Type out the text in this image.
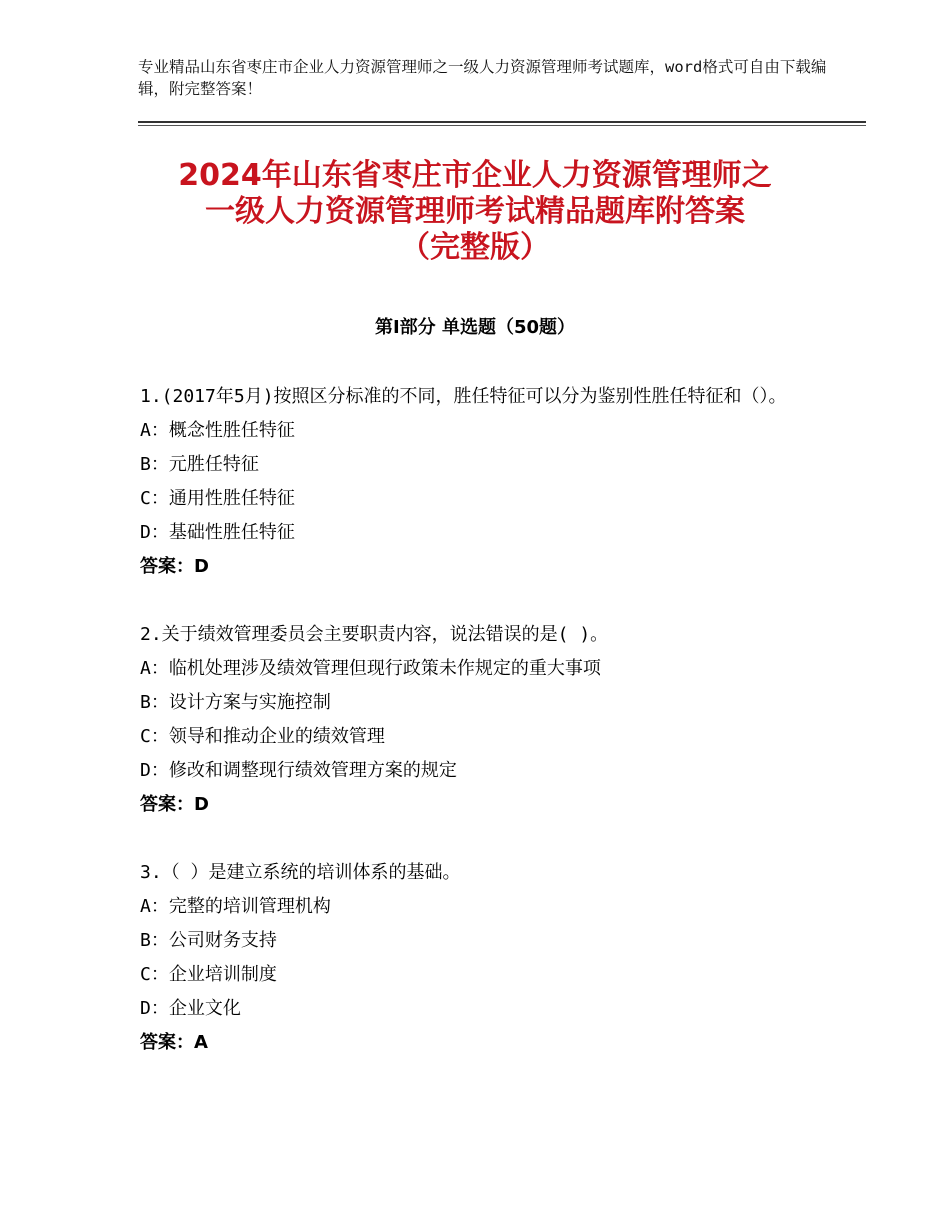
专业精品山东省枣庄市企业人力资源管理师之一级人力资源管理师考试题库，word格式可自由下载编辑，附完整答案！
2024年山东省枣庄市企业人力资源管理师之
一级人力资源管理师考试精品题库附答案
（完整版）
第Ⅰ部分 单选题（50题）
1.(2017年5月)按照区分标准的不同，胜任特征可以分为鉴别性胜任特征和（）。
A：概念性胜任特征
B：元胜任特征
C：通用性胜任特征
D：基础性胜任特征
答案：D
2.关于绩效管理委员会主要职责内容，说法错误的是( )。
A：临机处理涉及绩效管理但现行政策未作规定的重大事项
B：设计方案与实施控制
C：领导和推动企业的绩效管理
D：修改和调整现行绩效管理方案的规定
答案：D
3.（ ）是建立系统的培训体系的基础。
A：完整的培训管理机构
B：公司财务支持
C：企业培训制度
D：企业文化
答案：A
